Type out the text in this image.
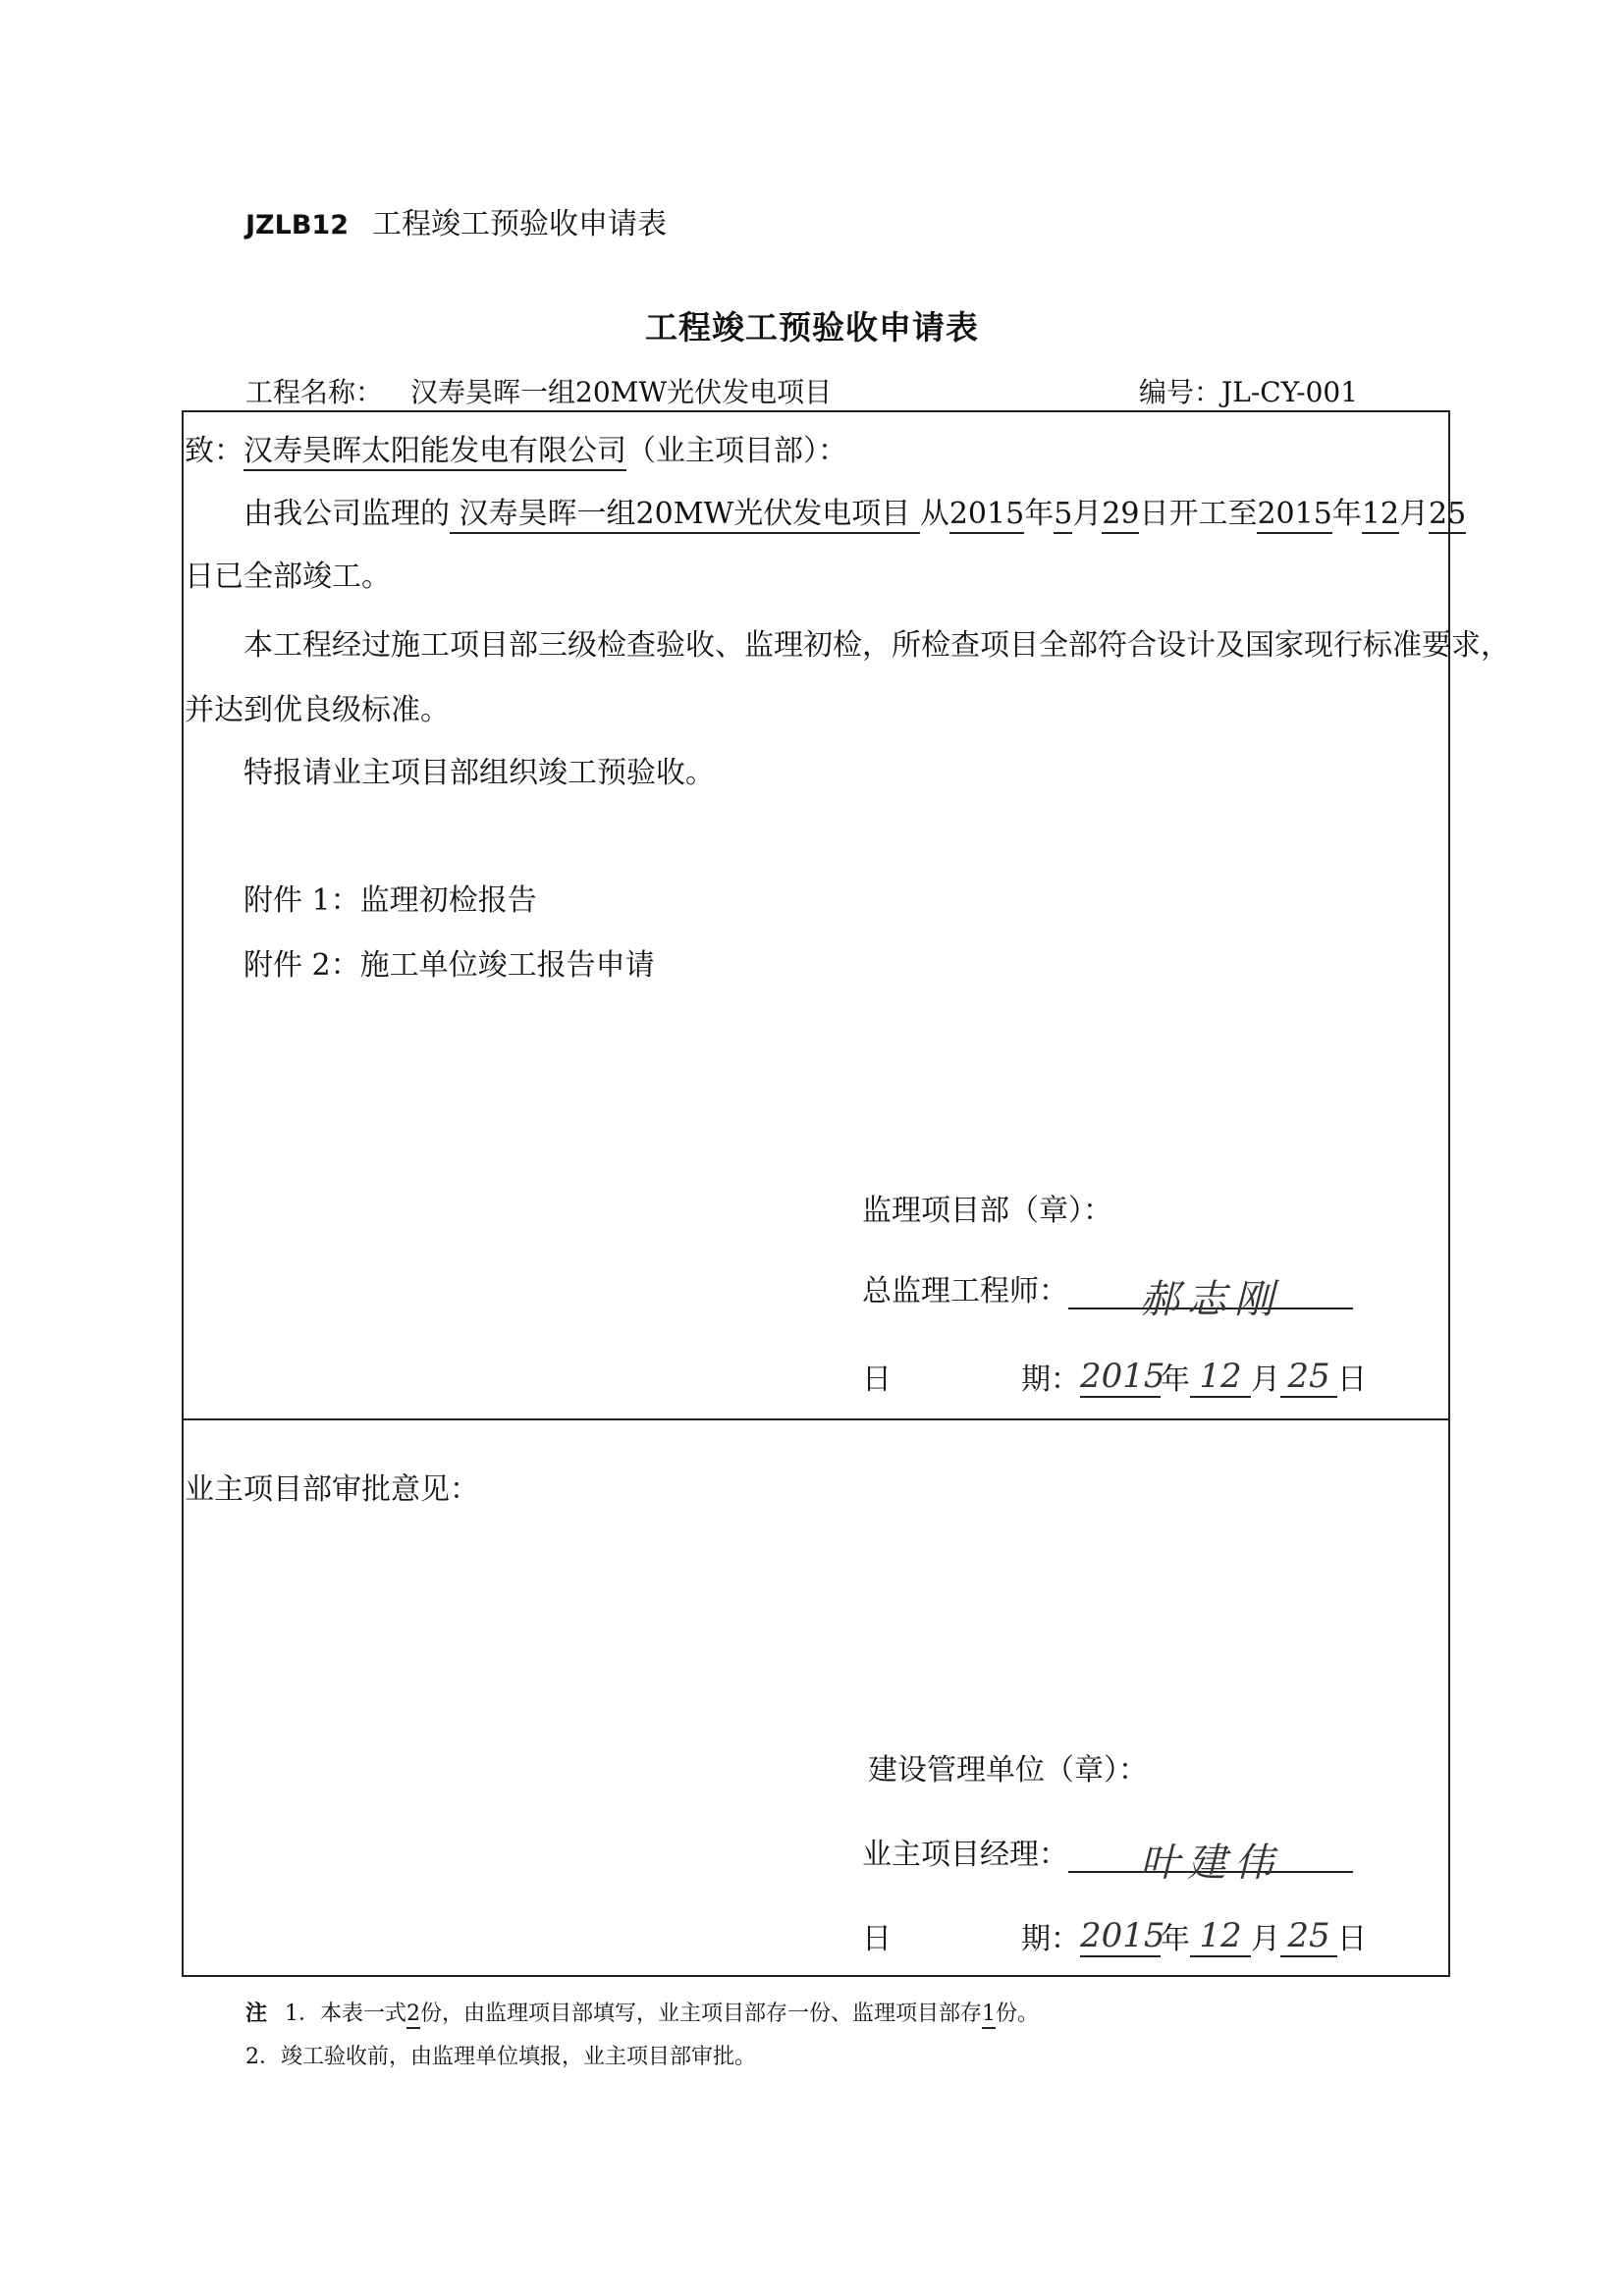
JZLB12 工程竣工预验收申请表
工程竣工预验收申请表
工程名称： 汉寿昊晖一组20MW光伏发电项目	编号：JL-CY-001
致：汉寿昊晖太阳能发电有限公司（业主项目部）：
由我公司监理的 汉寿昊晖一组20MW光伏发电项目 从2015年5月29日开工至2015年12月25
日已全部竣工。
本工程经过施工项目部三级检查验收、监理初检，所检查项目全部符合设计及国家现行标准要求，
并达到优良级标准。
特报请业主项目部组织竣工预验收。
附件 1：监理初检报告
附件 2：施工单位竣工报告申请
监理项目部（章）：
总监理工程师： 郝志刚
日	期：2015年 12 月 25 日
业主项目部审批意见：
建设管理单位（章）：
业主项目经理： 叶建伟
日	期：2015年 12 月 25 日
注 1．本表一式2份，由监理项目部填写，业主项目部存一份、监理项目部存1份。
2．竣工验收前，由监理单位填报，业主项目部审批。
